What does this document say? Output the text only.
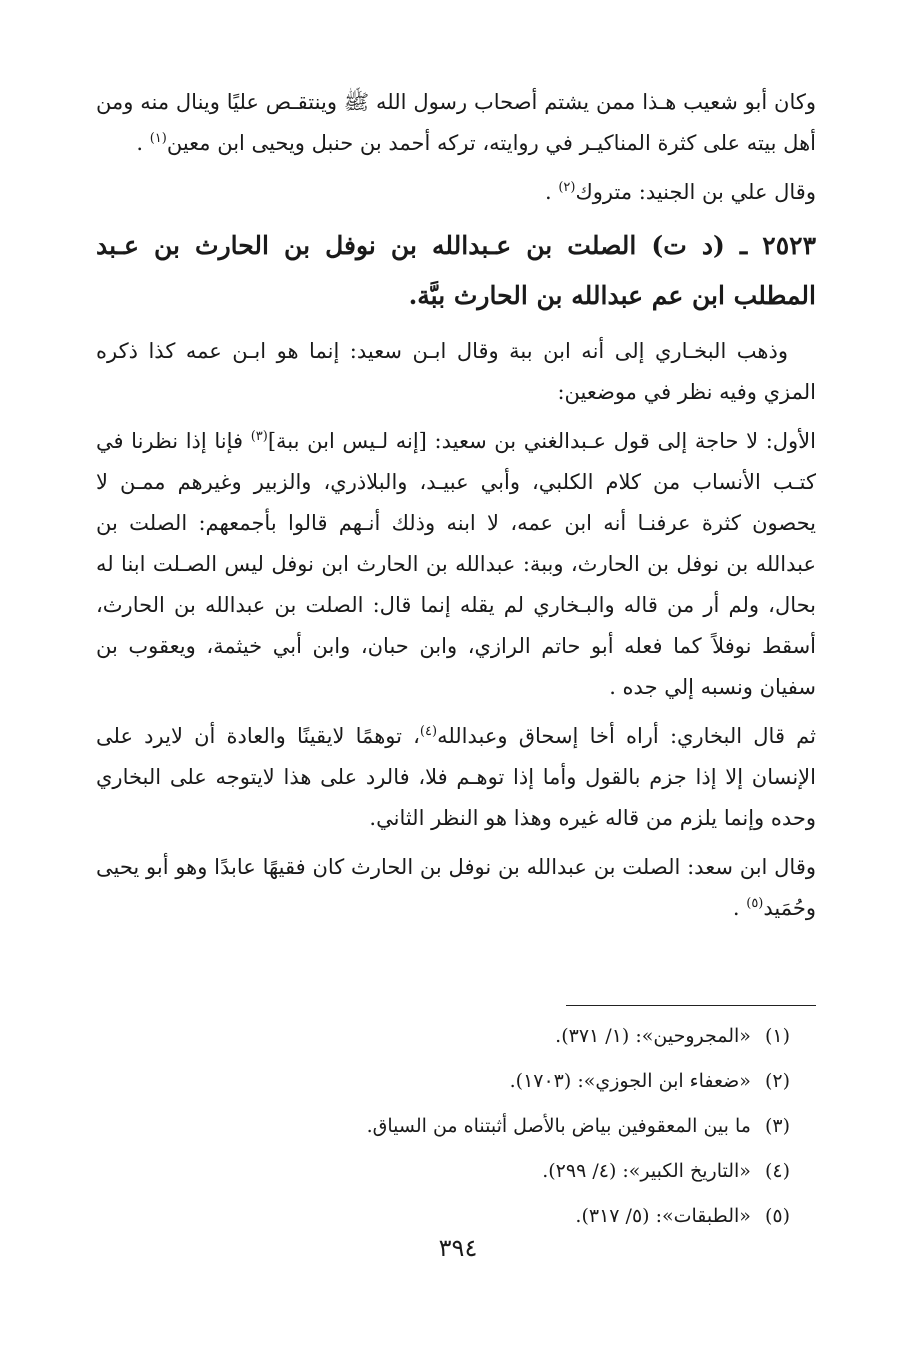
وكان أبو شعيب هـذا ممن يشتم أصحاب رسول الله ﷺ وينتقـص عليًا وينال منه ومن أهل بيته على كثرة المناكيـر في روايته، تركه أحمد بن حنبل ويحيى ابن معين$^{(١)}$ .

وقال علي بن الجنيد: متروك$^{(٢)}$ .

٢٥٢٣ ـ (د ت) الصلت بن عـبدالله بن نوفل بن الحارث بن عـبد المطلب ابن عم عبدالله بن الحارث ببَّة.

وذهب البخـاري إلى أنه ابن ببة وقال ابـن سعيد: إنما هو ابـن عمه كذا ذكره المزي وفيه نظر في موضعين:

الأول: لا حاجة إلى قول عـبدالغني بن سعيد: [إنه لـيس ابن ببة]$^{(٣)}$ فإنا إذا نظرنا في كتـب الأنساب من كلام الكلبي، وأبي عبيـد، والبلاذري، والزبير وغيرهم ممـن لا يحصون كثرة عرفنـا أنه ابن عمه، لا ابنه وذلك أنـهم قالوا بأجمعهم: الصلت بن عبدالله بن نوفل بن الحارث، وببة: عبدالله بن الحارث ابن نوفل ليس الصـلت ابنا له بحال، ولم أر من قاله والبـخاري لم يقله إنما قال: الصلت بن عبدالله بن الحارث، أسقط نوفلاً كما فعله أبو حاتم الرازي، وابن حبان، وابن أبي خيثمة، ويعقوب بن سفيان ونسبه إلي جده .

ثم قال البخاري: أراه أخا إسحاق وعبدالله$^{(٤)}$، توهمًا لايقينًا والعادة أن لايرد على الإنسان إلا إذا جزم بالقول وأما إذا توهـم فلا، فالرد على هذا لايتوجه على البخاري وحده وإنما يلزم من قاله غيره وهذا هو النظر الثاني.

وقال ابن سعد: الصلت بن عبدالله بن نوفل بن الحارث كان فقيهًا عابدًا وهو أبو يحيى وحُمَيد$^{(٥)}$ .

(١)«المجروحين»: (١/ ٣٧١).
(٢)«ضعفاء ابن الجوزي»: (١٧٠٣).
(٣)ما بين المعقوفين بياض بالأصل أثبتناه من السياق.
(٤)«التاريخ الكبير»: (٤/ ٢٩٩).
(٥)«الطبقات»: (٥/ ٣١٧).
٣٩٤
